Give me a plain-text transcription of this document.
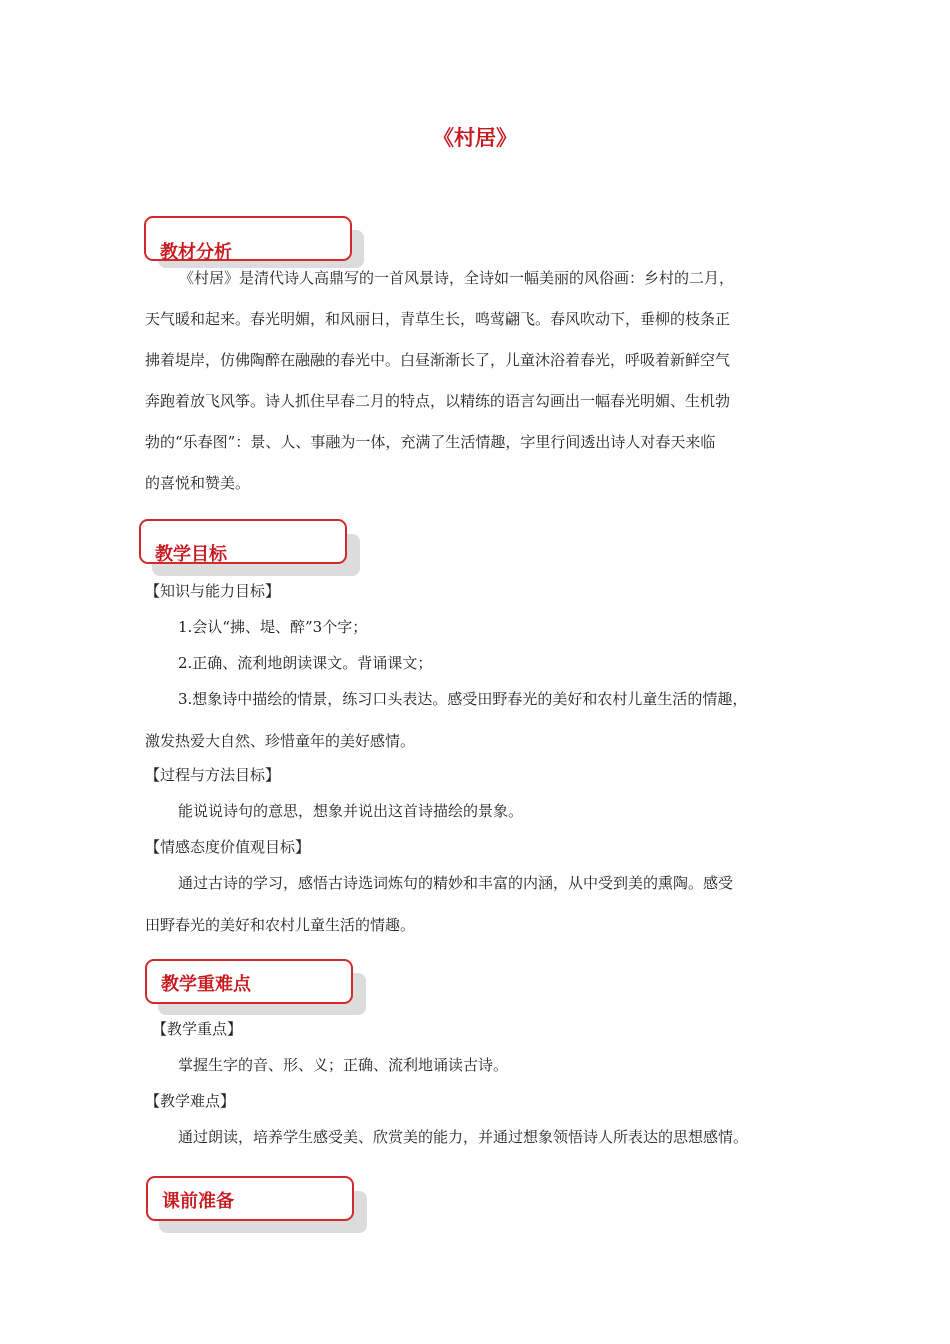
《村居》
教材分析
《村居》是清代诗人高鼎写的一首风景诗，全诗如一幅美丽的风俗画：乡村的二月，
天气暖和起来。春光明媚，和风丽日，青草生长，鸣莺翩飞。春风吹动下，垂柳的枝条正
拂着堤岸，仿佛陶醉在融融的春光中。白昼渐渐长了，儿童沐浴着春光，呼吸着新鲜空气
奔跑着放飞风筝。诗人抓住早春二月的特点，以精练的语言勾画出一幅春光明媚、生机勃
勃的“乐春图”：景、人、事融为一体，充满了生活情趣，字里行间透出诗人对春天来临
的喜悦和赞美。
教学目标
【知识与能力目标】
1.会认“拂、堤、醉”3个字；
2.正确、流利地朗读课文。背诵课文；
3.想象诗中描绘的情景，练习口头表达。感受田野春光的美好和农村儿童生活的情趣，
激发热爱大自然、珍惜童年的美好感情。
【过程与方法目标】
能说说诗句的意思，想象并说出这首诗描绘的景象。
【情感态度价值观目标】
通过古诗的学习，感悟古诗选词炼句的精妙和丰富的内涵，从中受到美的熏陶。感受
田野春光的美好和农村儿童生活的情趣。
教学重难点
【教学重点】
掌握生字的音、形、义；正确、流利地诵读古诗。
【教学难点】
通过朗读，培养学生感受美、欣赏美的能力，并通过想象领悟诗人所表达的思想感情。
课前准备
